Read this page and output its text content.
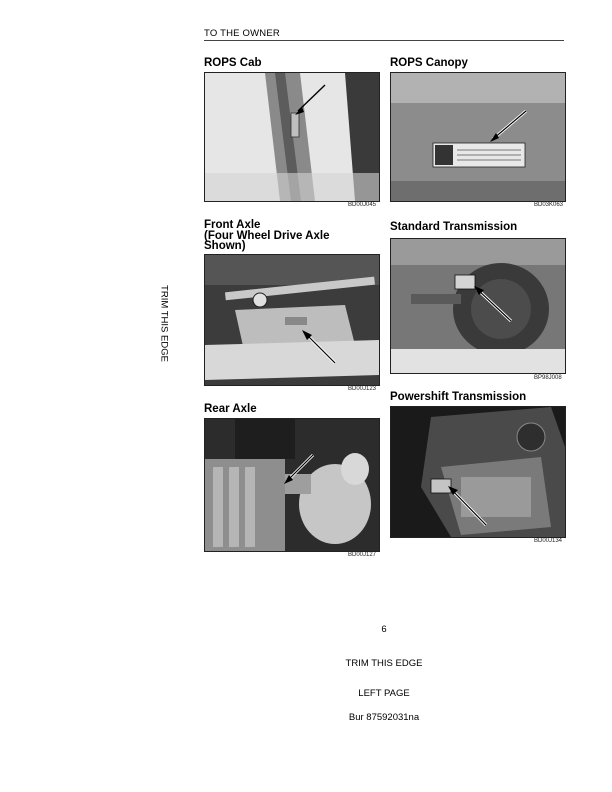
TO THE OWNER
TRIM THIS EDGE
ROPS Cab
BD00J045
ROPS Canopy
BD03K063
Front Axle
(Four Wheel Drive Axle
Shown)
BD00J123
Standard Transmission
BP98J008
Rear Axle
BD00J127
Powershift Transmission
BD00J134
6
TRIM THIS EDGE
LEFT PAGE
Bur 87592031na
